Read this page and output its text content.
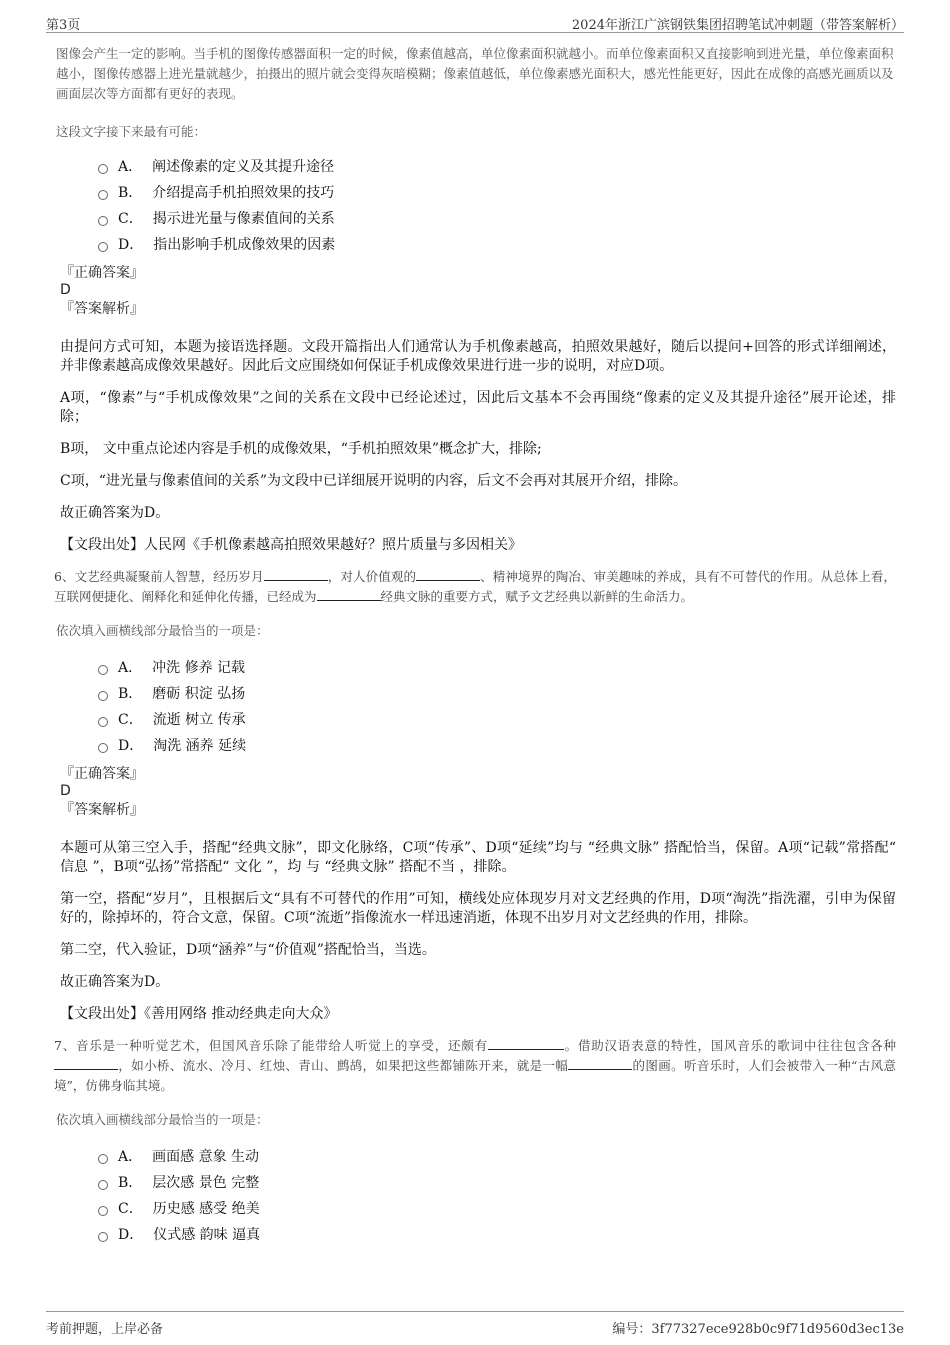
第3页	2024年浙江广滨钢铁集团招聘笔试冲刺题（带答案解析）

图像会产生一定的影响。当手机的图像传感器面积一定的时候，像素值越高，单位像素面积就越小。而单位像素面积又直接影响到进光量，单位像素面积越小，图像传感器上进光量就越少，拍摄出的照片就会变得灰暗模糊；像素值越低，单位像素感光面积大，感光性能更好，因此在成像的高感光画质以及画面层次等方面都有更好的表现。

这段文字接下来最有可能：

A． 阐述像素的定义及其提升途径
B． 介绍提高手机拍照效果的技巧
C． 揭示进光量与像素值间的关系
D． 指出影响手机成像效果的因素

『正确答案』

D

『答案解析』

由提问方式可知，本题为接语选择题。文段开篇指出人们通常认为手机像素越高，拍照效果越好，随后以提问+回答的形式详细阐述，并非像素越高成像效果越好。因此后文应围绕如何保证手机成像效果进行进一步的说明，对应D项。

A项，“像素”与“手机成像效果”之间的关系在文段中已经论述过，因此后文基本不会再围绕“像素的定义及其提升途径”展开论述，排除；

B项， 文中重点论述内容是手机的成像效果，“手机拍照效果”概念扩大，排除;

C项，“进光量与像素值间的关系”为文段中已详细展开说明的内容，后文不会再对其展开介绍，排除。

故正确答案为D。

【文段出处】人民网《手机像素越高拍照效果越好？照片质量与多因相关》

6、文艺经典凝聚前人智慧，经历岁月	，对人价值观的	、精神境界的陶冶、审美趣味的养成，具有不可替代的作用。从总体上看，互联网便捷化、阐释化和延伸化传播，已经成为	经典文脉的重要方式，赋予文艺经典以新鲜的生命活力。

依次填入画横线部分最恰当的一项是：

A． 冲洗 修养 记载
B． 磨砺 积淀 弘扬
C． 流逝 树立 传承
D． 淘洗 涵养 延续

『正确答案』

D

『答案解析』

本题可从第三空入手，搭配“经典文脉”，即文化脉络，C项“传承”、D项“延续”均与 “经典文脉” 搭配恰当，保留。A项“记载”常搭配“ 信息 ”，B项“弘扬”常搭配“ 文化 ”，均 与 “经典文脉” 搭配不当 ，排除。

第一空，搭配“岁月”，且根据后文“具有不可替代的作用”可知，横线处应体现岁月对文艺经典的作用，D项“淘洗”指洗濯，引申为保留好的，除掉坏的，符合文意，保留。C项“流逝”指像流水一样迅速消逝，体现不出岁月对文艺经典的作用，排除。

第二空，代入验证，D项“涵养”与“价值观”搭配恰当，当选。

故正确答案为D。

【文段出处】《善用网络 推动经典走向大众》

7、音乐是一种听觉艺术，但国风音乐除了能带给人听觉上的享受，还颇有	。借助汉语表意的特性，国风音乐的歌词中往往包含各种，如小桥、流水、冷月、红烛、青山、鹧鸪，如果把这些都铺陈开来，就是一幅	的图画。听音乐时，人们会被带入一种“古风意境”，仿佛身临其境。

依次填入画横线部分最恰当的一项是：

A． 画面感 意象 生动
B． 层次感 景色 完整
C． 历史感 感受 绝美
D． 仪式感 韵味 逼真
考前押题，上岸必备	编号：3f77327ece928b0c9f71d9560d3ec13e
